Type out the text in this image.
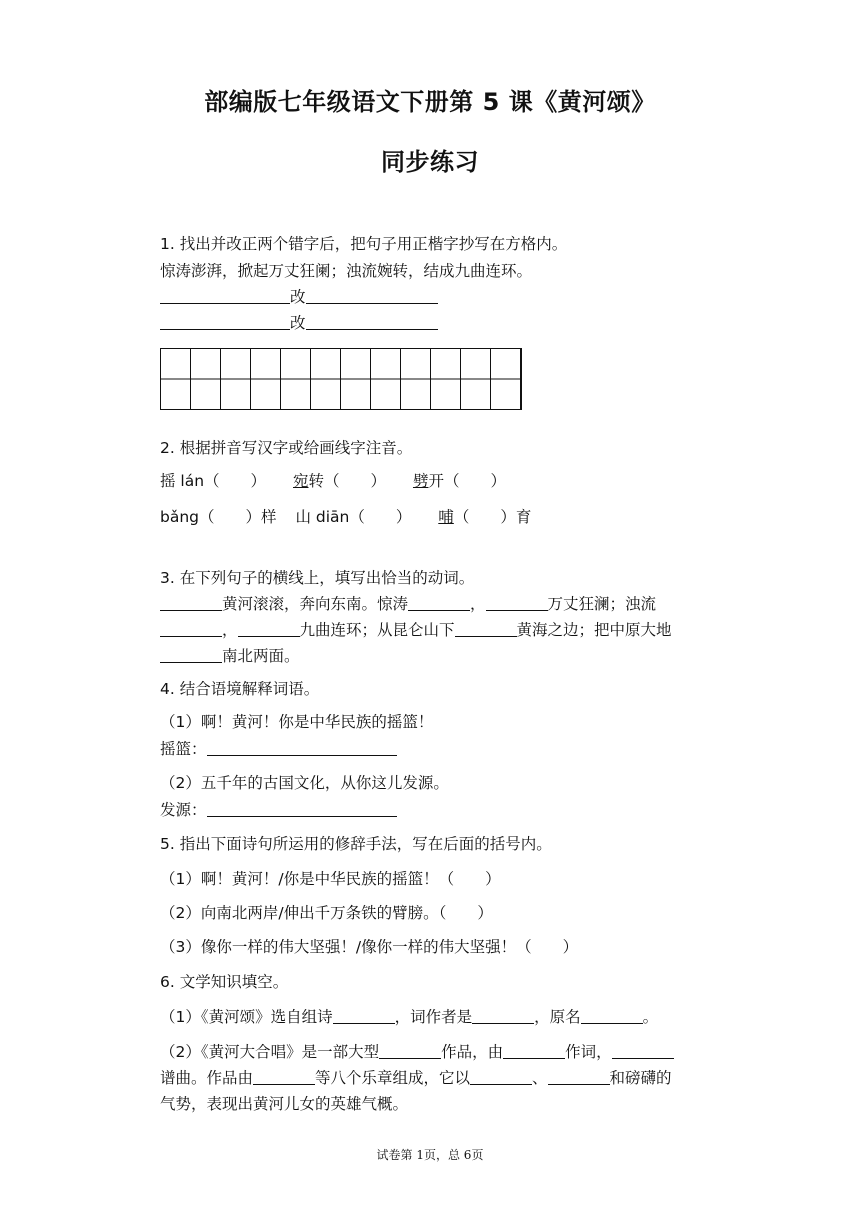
部编版七年级语文下册第 5 课《黄河颂》
同步练习
1. 找出并改正两个错字后，把句子用正楷字抄写在方格内。
惊涛澎湃，掀起万丈狂阑；浊流婉转，结成九曲连环。
改
改
2. 根据拼音写汉字或给画线字注音。
摇 lán（　　） 宛转（　　） 劈开（　　）
bǎng（　　）样 山 diān（　　） 哺（　　）育
3. 在下列句子的横线上，填写出恰当的动词。
黄河滚滚，奔向东南。惊涛	，	万丈狂澜；浊流
，	九曲连环；从昆仑山下	黄海之边；把中原大地
南北两面。
4. 结合语境解释词语。
（1）啊！黄河！你是中华民族的摇篮！
摇篮：
（2）五千年的古国文化，从你这儿发源。
发源：
5. 指出下面诗句所运用的修辞手法，写在后面的括号内。
（1）啊！黄河！/你是中华民族的摇篮！（　　）
（2）向南北两岸/伸出千万条铁的臂膀。（　　）
（3）像你一样的伟大坚强！/像你一样的伟大坚强！（　　）
6. 文学知识填空。
（1）《黄河颂》选自组诗	，词作者是	，原名	。
（2）《黄河大合唱》是一部大型	作品，由	作词，
谱曲。作品由	等八个乐章组成，它以	、	和磅礴的
气势，表现出黄河儿女的英雄气概。
试卷第 1页，总 6页
